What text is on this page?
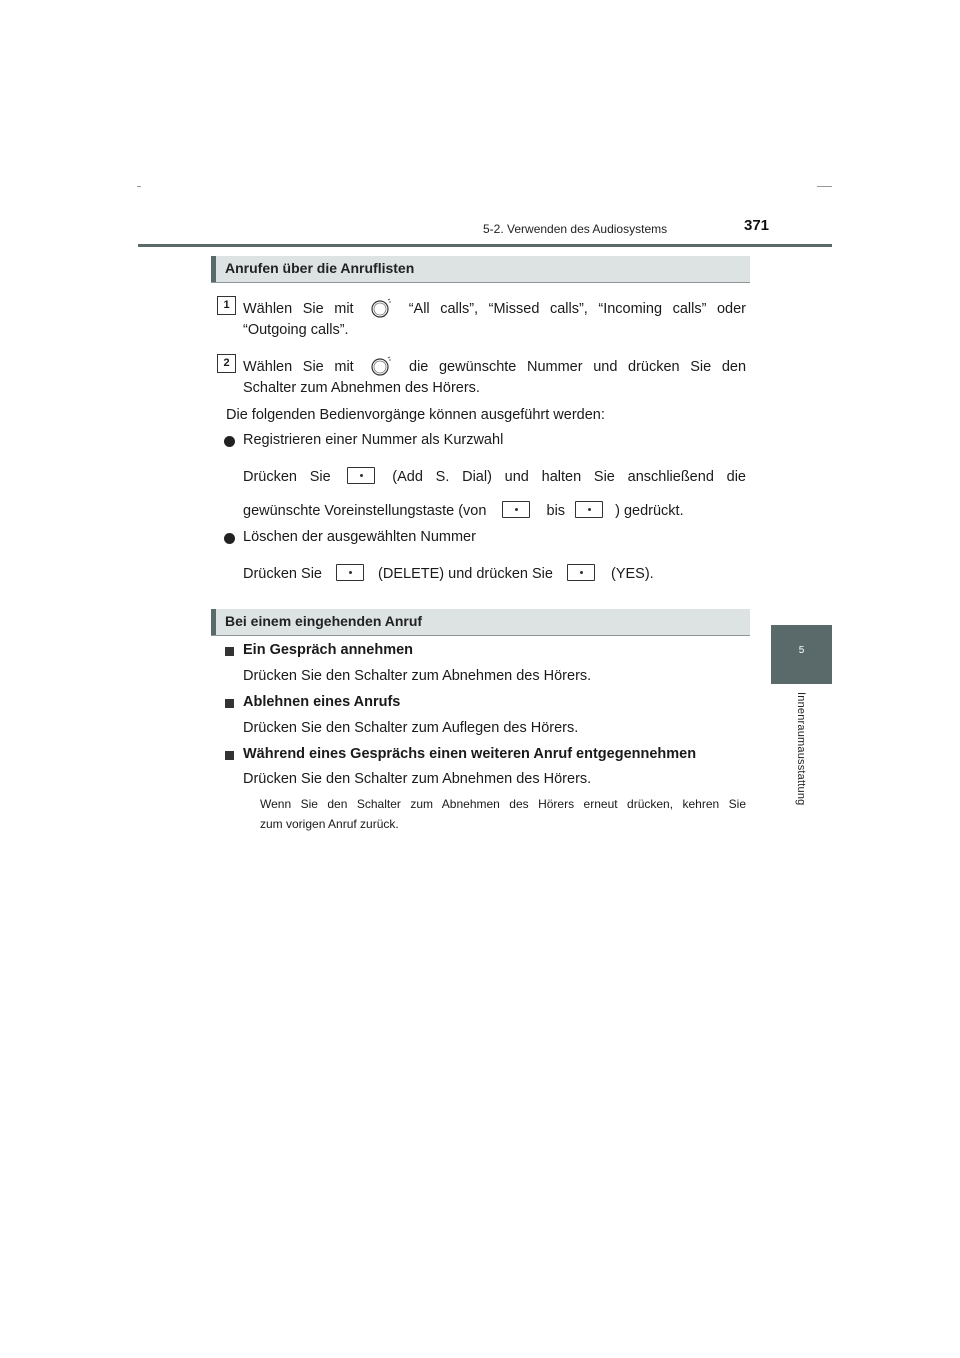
5-2. Verwenden des Audiosystems	371
5
Innenraumausstattung
Anrufen über die Anruflisten
1 Wählen Sie mit	“All calls”, “Missed calls”, “Incoming calls” oder
“Outgoing calls”.
2 Wählen Sie mit	die gewünschte Nummer und drücken Sie den
Schalter zum Abnehmen des Hörers.
Die folgenden Bedienvorgänge können ausgeführt werden:
Registrieren einer Nummer als Kurzwahl
Drücken Sie	(Add S. Dial) und halten Sie anschließend die
gewünschte Voreinstellungstaste (von	bis	) gedrückt.
Löschen der ausgewählten Nummer
Drücken Sie	(DELETE) und drücken Sie	(YES).
Bei einem eingehenden Anruf
Ein Gespräch annehmen
Drücken Sie den Schalter zum Abnehmen des Hörers.
Ablehnen eines Anrufs
Drücken Sie den Schalter zum Auflegen des Hörers.
Während eines Gesprächs einen weiteren Anruf entgegennehmen
Drücken Sie den Schalter zum Abnehmen des Hörers.
Wenn Sie den Schalter zum Abnehmen des Hörers erneut drücken, kehren Sie
zum vorigen Anruf zurück.
